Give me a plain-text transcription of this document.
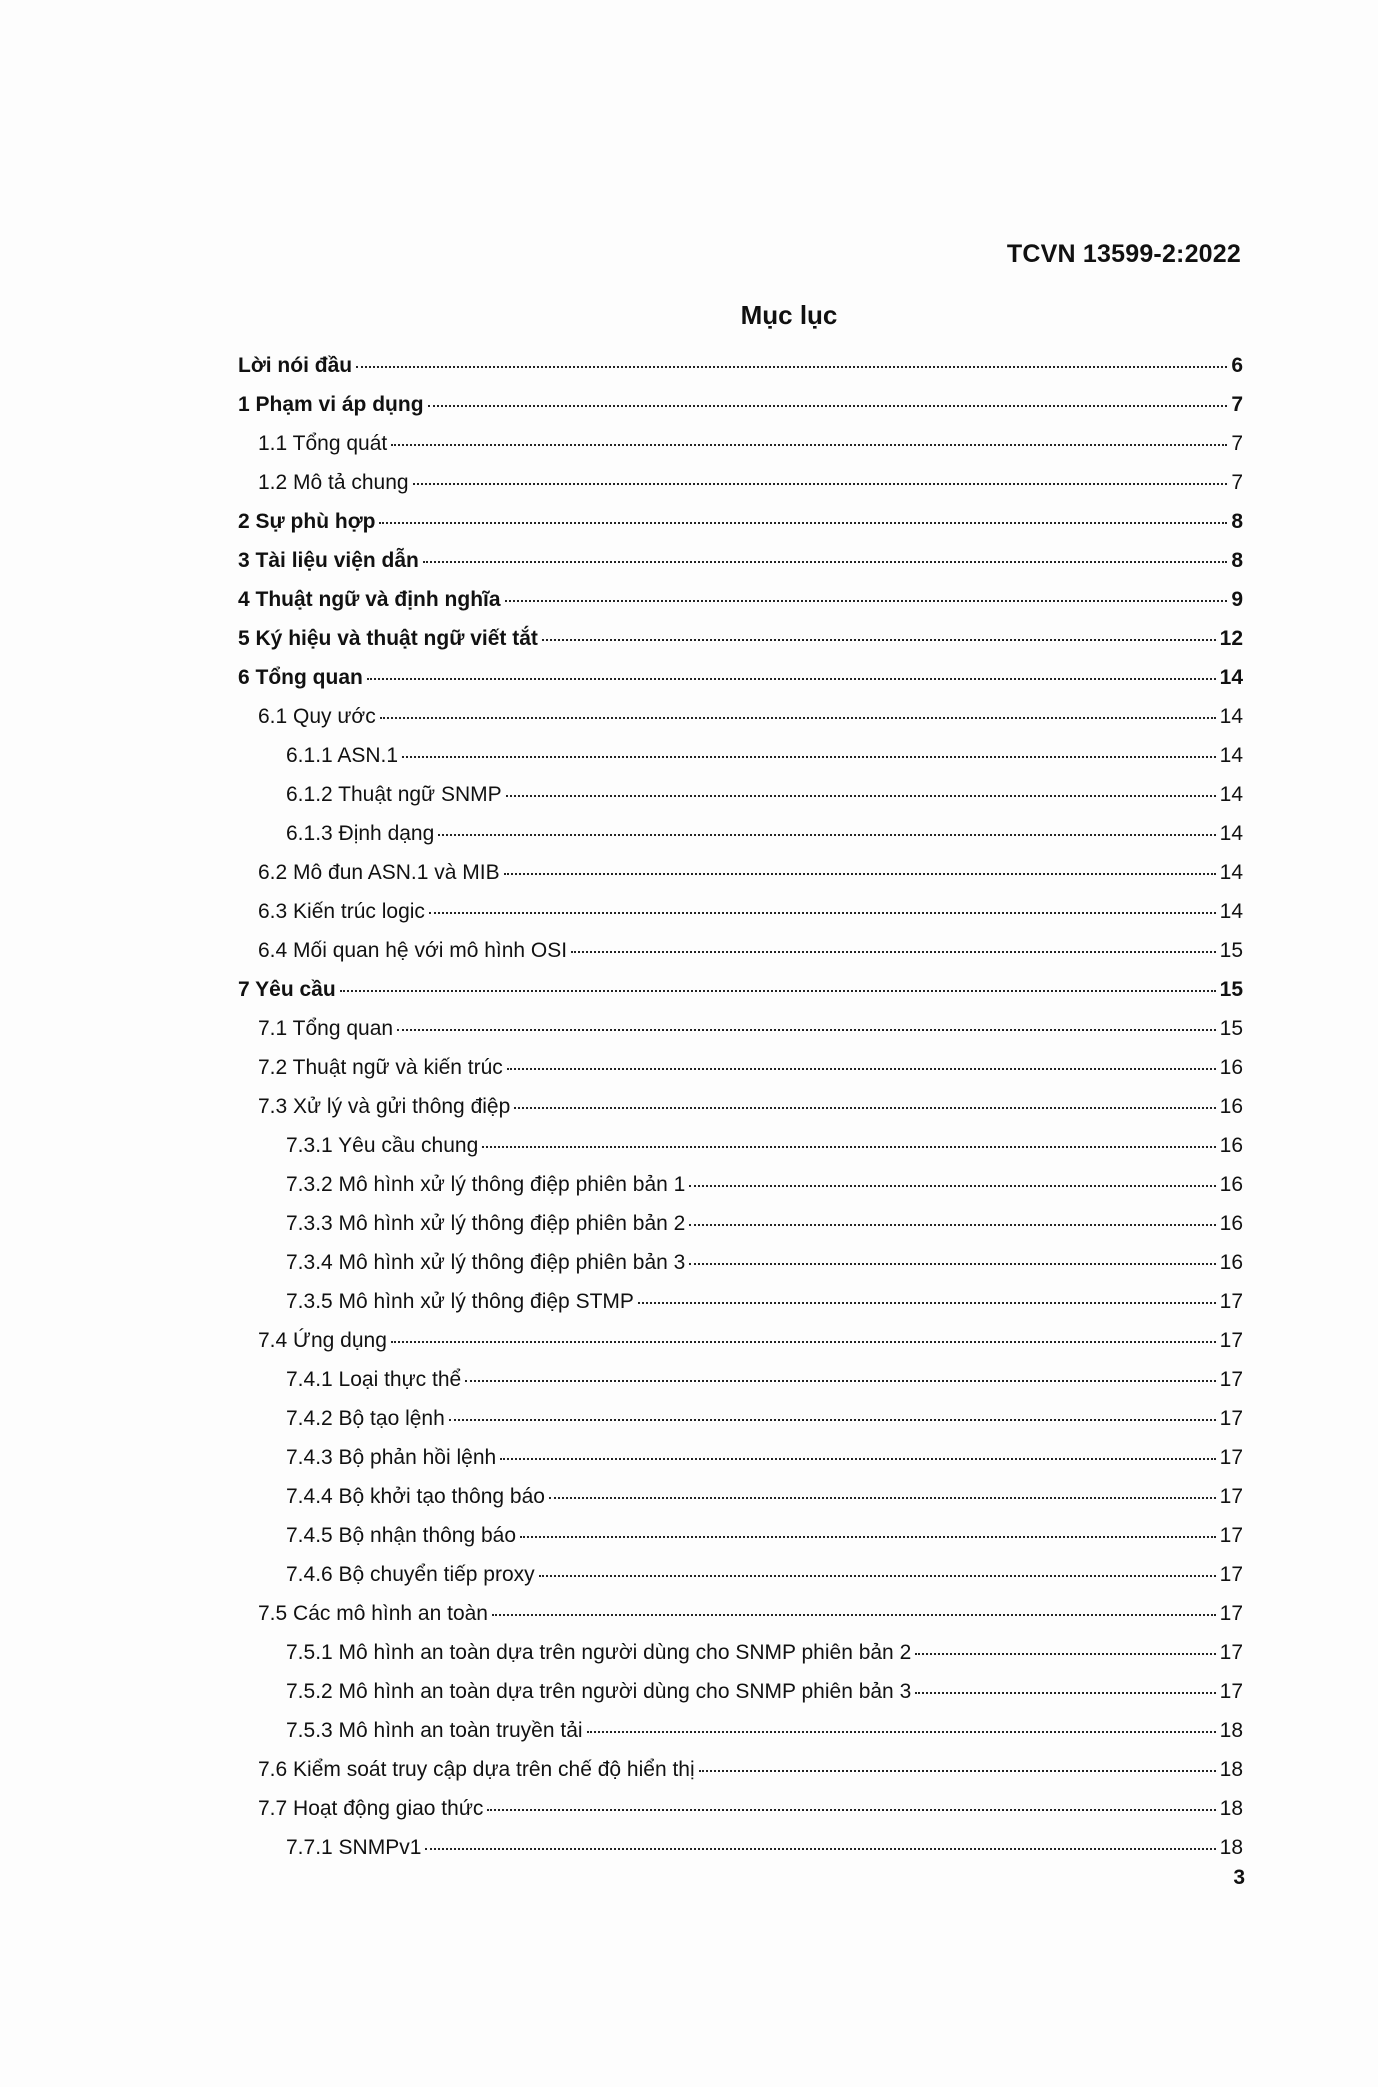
TCVN 13599-2:2022
Mục lục
Lời nói đầu	6
1 Phạm vi áp dụng	7
1.1 Tổng quát	7
1.2 Mô tả chung	7
2 Sự phù hợp	8
3 Tài liệu viện dẫn	8
4 Thuật ngữ và định nghĩa	9
5 Ký hiệu và thuật ngữ viết tắt	12
6 Tổng quan	14
6.1 Quy ước	14
6.1.1 ASN.1	14
6.1.2 Thuật ngữ SNMP	14
6.1.3 Định dạng	14
6.2 Mô đun ASN.1 và MIB	14
6.3 Kiến trúc logic	14
6.4 Mối quan hệ với mô hình OSI	15
7 Yêu cầu	15
7.1 Tổng quan	15
7.2 Thuật ngữ và kiến trúc	16
7.3 Xử lý và gửi thông điệp	16
7.3.1 Yêu cầu chung	16
7.3.2 Mô hình xử lý thông điệp phiên bản 1	16
7.3.3 Mô hình xử lý thông điệp phiên bản 2	16
7.3.4 Mô hình xử lý thông điệp phiên bản 3	16
7.3.5 Mô hình xử lý thông điệp STMP	17
7.4 Ứng dụng	17
7.4.1 Loại thực thể	17
7.4.2 Bộ tạo lệnh	17
7.4.3 Bộ phản hồi lệnh	17
7.4.4 Bộ khởi tạo thông báo	17
7.4.5 Bộ nhận thông báo	17
7.4.6 Bộ chuyển tiếp proxy	17
7.5 Các mô hình an toàn	17
7.5.1 Mô hình an toàn dựa trên người dùng cho SNMP phiên bản 2	17
7.5.2 Mô hình an toàn dựa trên người dùng cho SNMP phiên bản 3	17
7.5.3 Mô hình an toàn truyền tải	18
7.6 Kiểm soát truy cập dựa trên chế độ hiển thị	18
7.7 Hoạt động giao thức	18
7.7.1 SNMPv1	18
3
